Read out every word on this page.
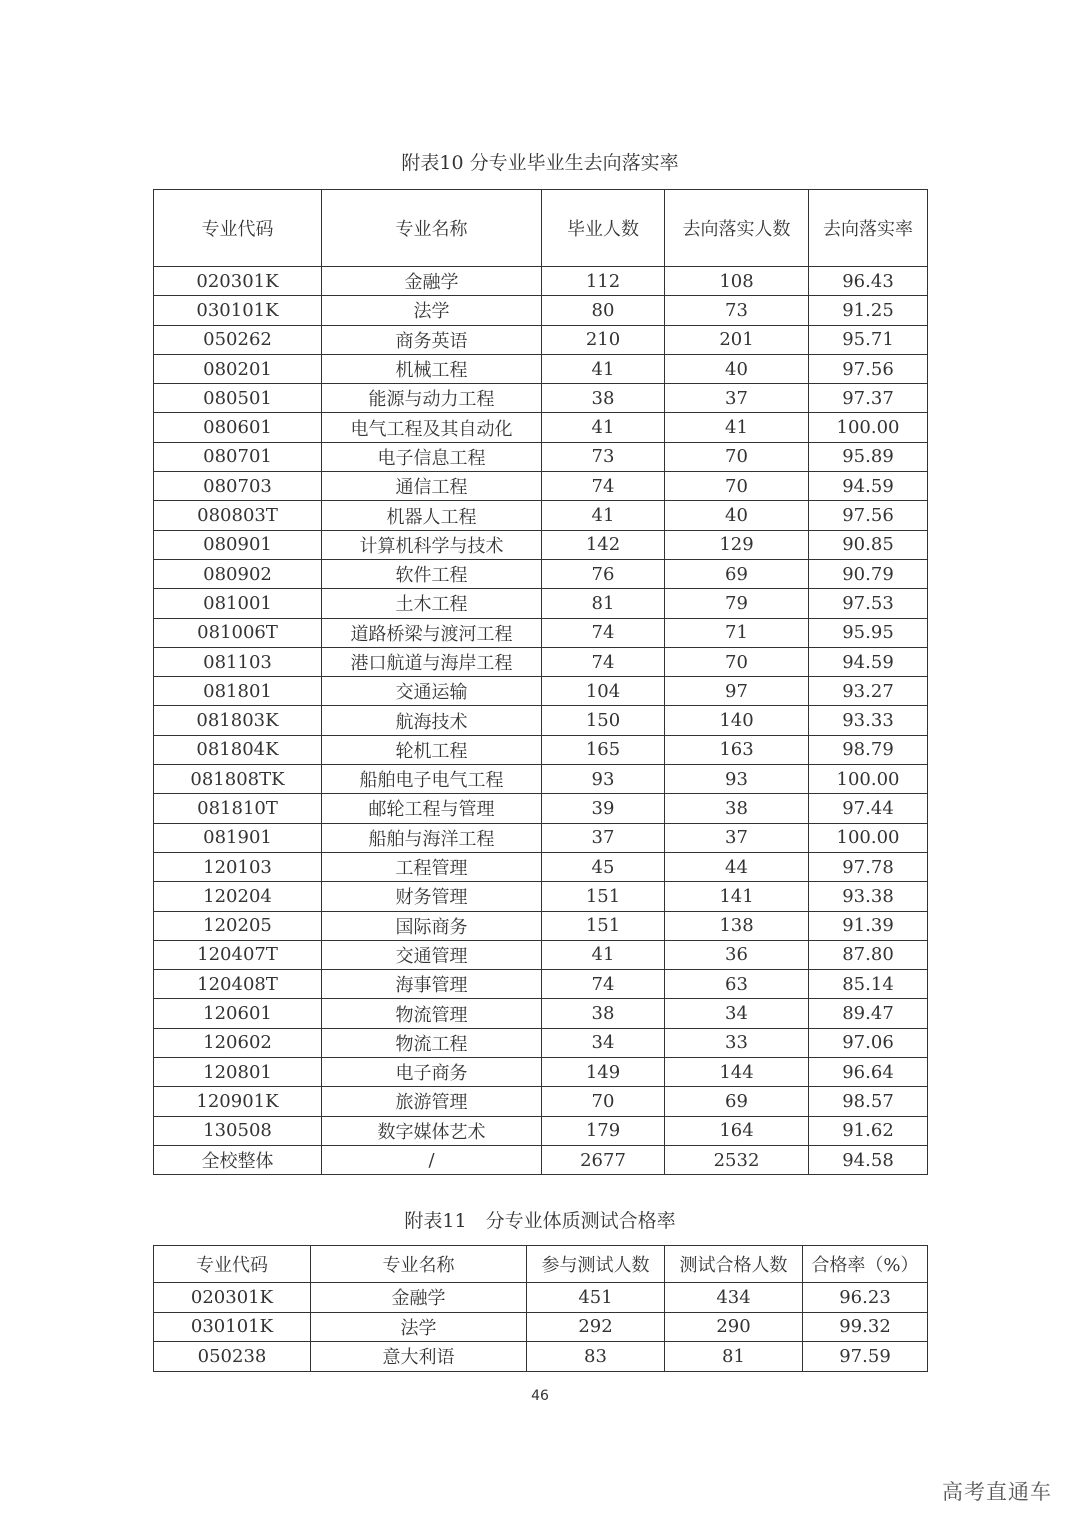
附表10 分专业毕业生去向落实率
专业代码	专业名称	毕业人数	去向落实人数	去向落实率
020301K	金融学	112	108	96.43
030101K	法学	80	73	91.25
050262	商务英语	210	201	95.71
080201	机械工程	41	40	97.56
080501	能源与动力工程	38	37	97.37
080601	电气工程及其自动化	41	41	100.00
080701	电子信息工程	73	70	95.89
080703	通信工程	74	70	94.59
080803T	机器人工程	41	40	97.56
080901	计算机科学与技术	142	129	90.85
080902	软件工程	76	69	90.79
081001	土木工程	81	79	97.53
081006T	道路桥梁与渡河工程	74	71	95.95
081103	港口航道与海岸工程	74	70	94.59
081801	交通运输	104	97	93.27
081803K	航海技术	150	140	93.33
081804K	轮机工程	165	163	98.79
081808TK	船舶电子电气工程	93	93	100.00
081810T	邮轮工程与管理	39	38	97.44
081901	船舶与海洋工程	37	37	100.00
120103	工程管理	45	44	97.78
120204	财务管理	151	141	93.38
120205	国际商务	151	138	91.39
120407T	交通管理	41	36	87.80
120408T	海事管理	74	63	85.14
120601	物流管理	38	34	89.47
120602	物流工程	34	33	97.06
120801	电子商务	149	144	96.64
120901K	旅游管理	70	69	98.57
130508	数字媒体艺术	179	164	91.62
全校整体	/	2677	2532	94.58
附表11　分专业体质测试合格率
专业代码	专业名称	参与测试人数	测试合格人数	合格率（%）
020301K	金融学	451	434	96.23
030101K	法学	292	290	99.32
050238	意大利语	83	81	97.59
46
高考直通车
